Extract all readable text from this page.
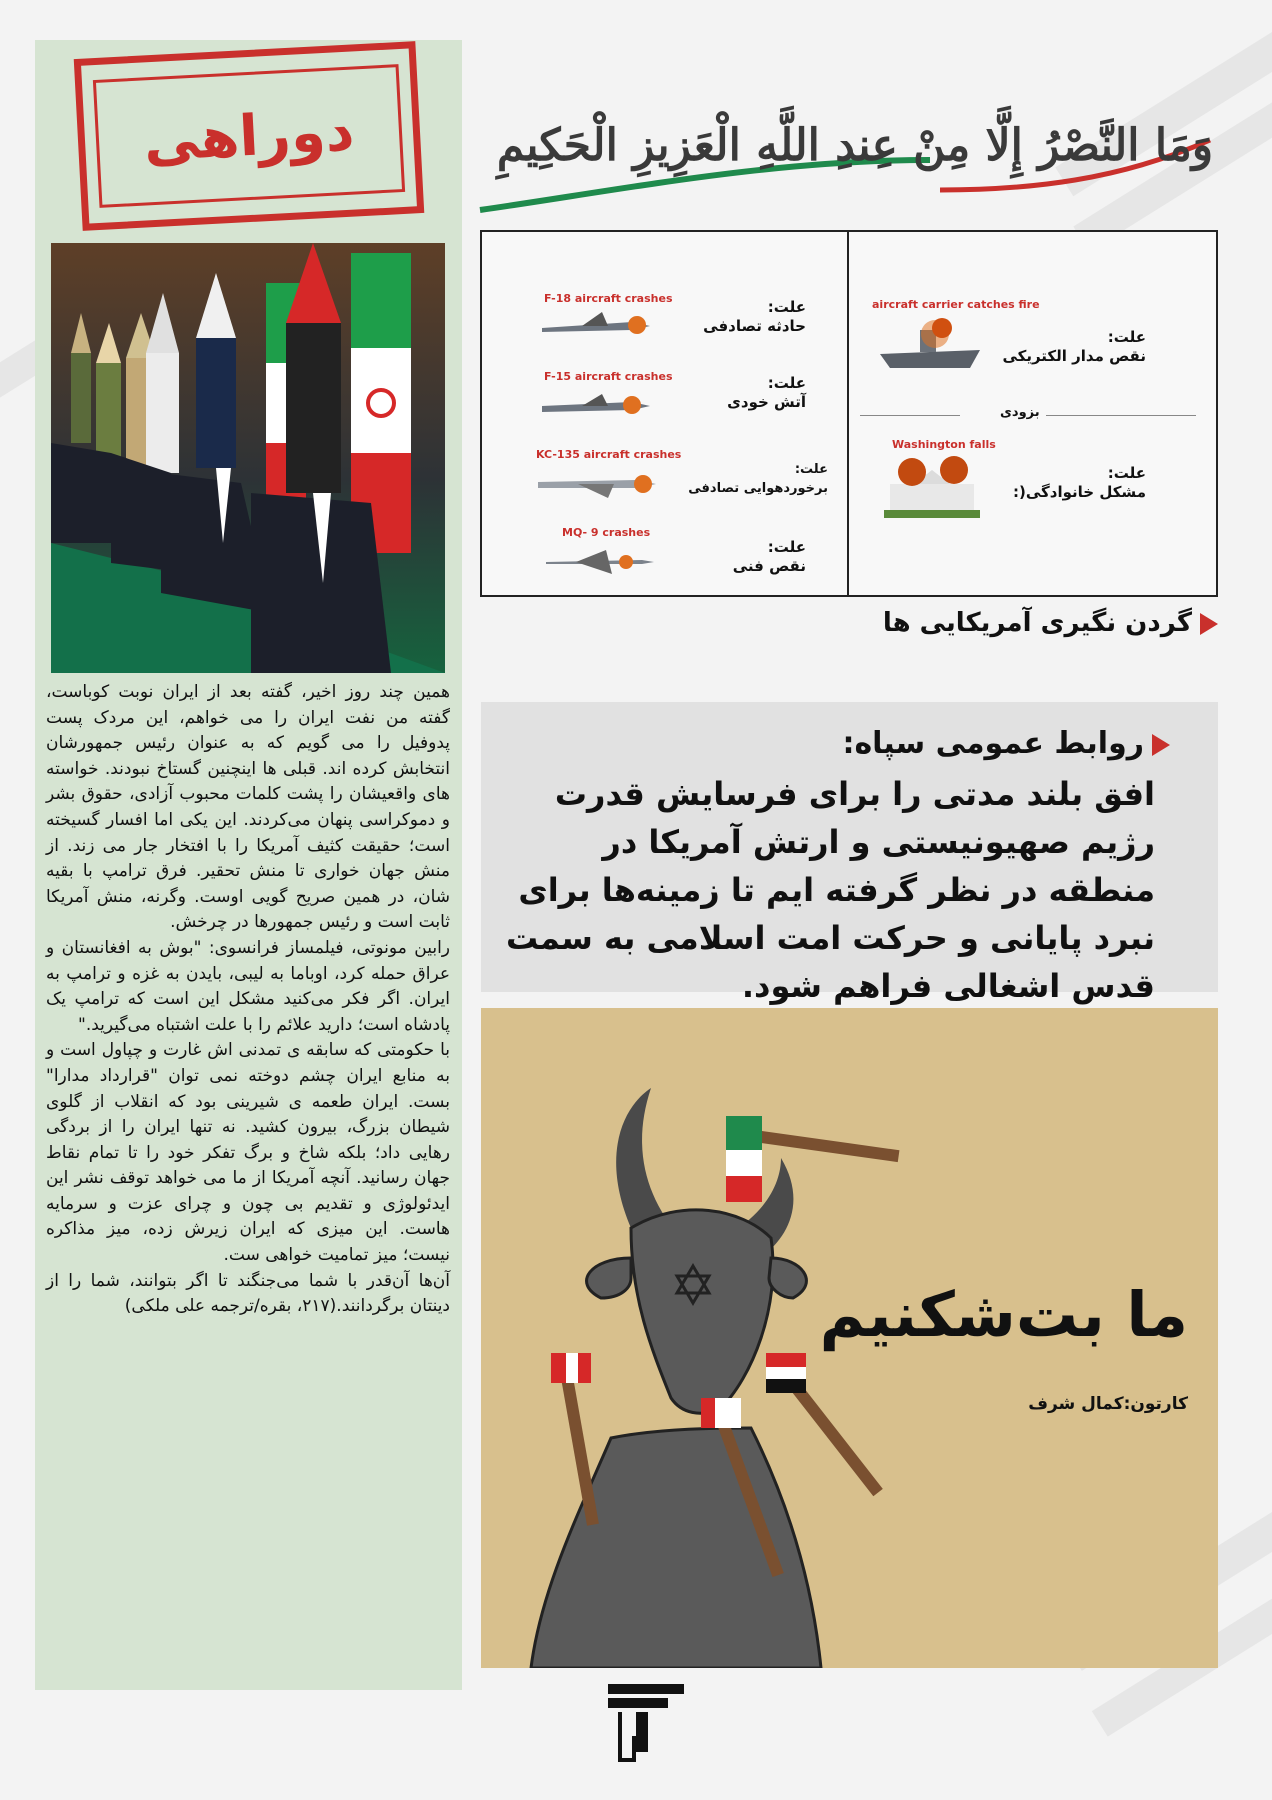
دوراهی

همین چند روز اخیر، گفته بعد از ایران نوبت کوباست، گفته من نفت ایران را می خواهم، این مردک پست پدوفیل را می گویم که به عنوان رئیس جمهورشان انتخابش کرده اند. قبلی ها اینچنین گستاخ نبودند. خواسته های واقعیشان را پشت کلمات محبوب آزادی، حقوق بشر و دموکراسی پنهان می‌کردند. این یکی اما افسار گسیخته است؛ حقیقت کثیف آمریکا را با افتخار جار می زند. از منش جهان خواری تا منش تحقیر. فرق ترامپ با بقیه شان، در همین صریح گویی اوست. وگرنه، منش آمریکا ثابت است و رئیس جمهورها در چرخش.

رابین مونوتی، فیلمساز فرانسوی: "بوش به افغانستان و عراق حمله کرد، اوباما به لیبی، بایدن به غزه و ترامپ به ایران. اگر فکر می‌کنید مشکل این است که ترامپ یک پادشاه است؛ دارید علائم را با علت اشتباه می‌گیرید."

با حکومتی که سابقه ی تمدنی اش غارت و چپاول است و به منابع ایران چشم دوخته نمی توان "قرارداد مدارا" بست. ایران طعمه ی شیرینی بود که انقلاب از گلوی شیطان بزرگ، بیرون کشید. نه تنها ایران را از بردگی رهایی داد؛ بلکه شاخ و برگ تفکر خود را تا تمام نقاط جهان رسانید. آنچه آمریکا از ما می خواهد توقف نشر این ایدئولوژی و تقدیم بی چون و چرای عزت و سرمایه هاست. این میزی که ایران زیرش زده، میز مذاکره نیست؛ میز تمامیت خواهی ست.

آن‌ها آن‌قدر با شما می‌جنگند تا اگر بتوانند، شما را از دینتان برگردانند.(۲۱۷، بقره/ترجمه علی ملکی)

وَمَا النَّصْرُ إِلَّا مِنْ عِندِ اللَّهِ الْعَزِيزِ الْحَكِيمِ
F-18 aircraft crashes	علت:
حادثه تصادفی
F-15 aircraft crashes	علت:
آتش خودی
KC-135 aircraft crashes
علت:
برخوردهوایی تصادفی
MQ- 9 crashes
علت:
نقص فنی
aircraft carrier catches fire
علت:
نقص مدار الکتریکی
بزودی
Washington falls
علت:
مشکل خانوادگی(:
گردن نگیری آمریکایی ها
روابط عمومی سپاه:
افق بلند مدتی را برای فرسایش قدرت رژیم صهیونیستی و ارتش آمریکا در منطقه در نظر گرفته ایم تا زمینه‌ها برای نبرد پایانی و حرکت امت اسلامی به سمت قدس اشغالی فراهم شود.
ما بت‌شکنیم
کارتون:کمال شرف
